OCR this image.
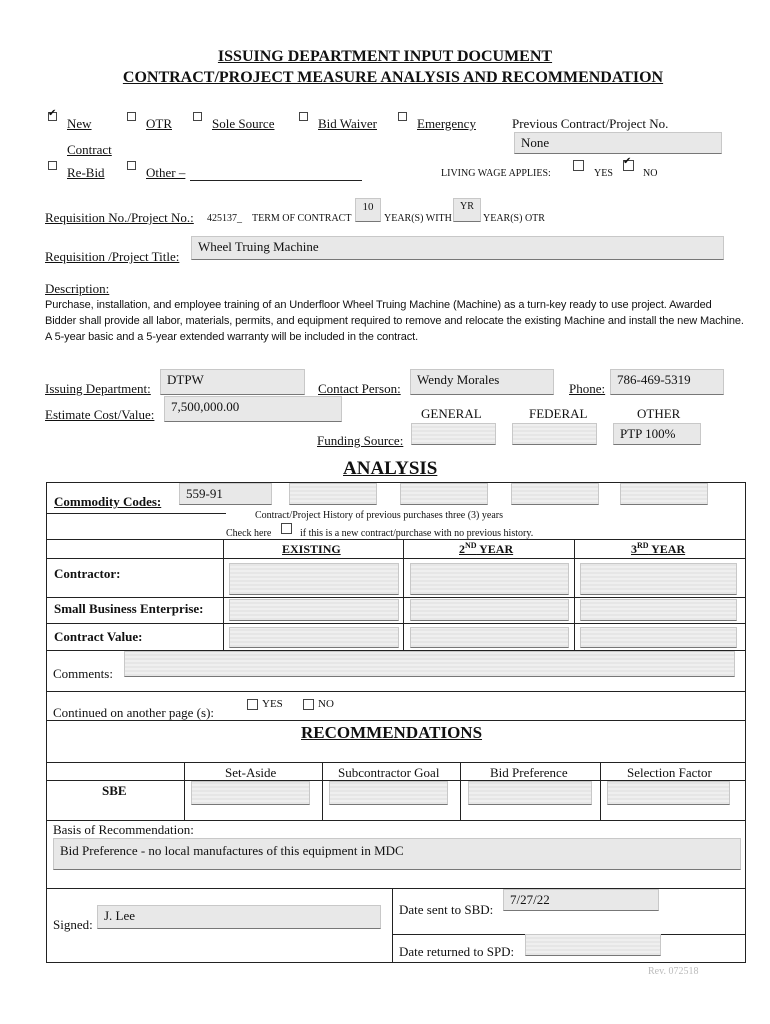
ISSUING DEPARTMENT INPUT DOCUMENT
CONTRACT/PROJECT MEASURE ANALYSIS AND RECOMMENDATION
✔
New
Contract
OTR	Sole Source	Bid Waiver	Emergency	Previous Contract/Project No.
None
Re-Bid	Other –	LIVING WAGE APPLIES:	YES
✔	NO
Requisition No./Project No.: 425137_ TERM OF CONTRACT
10
YEAR(S) WITH
YR
YEAR(S) OTR
Requisition /Project Title:
Wheel Truing Machine
Description:
Purchase, installation, and employee training of an Underfloor Wheel Truing Machine (Machine) as a turn-key ready to use project. Awarded Bidder shall provide all labor, materials, permits, and equipment required to remove and relocate the existing Machine and install the new Machine. A 5-year basic and a 5-year extended warranty will be included in the contract.
Issuing Department:
DTPW
Contact Person:
Wendy Morales
Phone:
786-469-5319
Estimate Cost/Value:
7,500,000.00	GENERAL	FEDERAL	OTHER
Funding Source:	PTP 100%
ANALYSIS
Commodity Codes:
559-91
Contract/Project History of previous purchases three (3) years
Check here	if this is a new contract/purchase with no previous history.
EXISTING	2ND YEAR	3RD YEAR
Contractor:
Small Business Enterprise:
Contract Value:
Comments:
Continued on another page (s):
YES	NO
RECOMMENDATIONS
Set-Aside	Subcontractor Goal	Bid Preference	Selection Factor
SBE
Basis of Recommendation:
Bid Preference - no local manufactures of this equipment in MDC
Signed:
J. Lee	Date sent to SBD:
7/27/22
Date returned to SPD:
Rev. 072518
